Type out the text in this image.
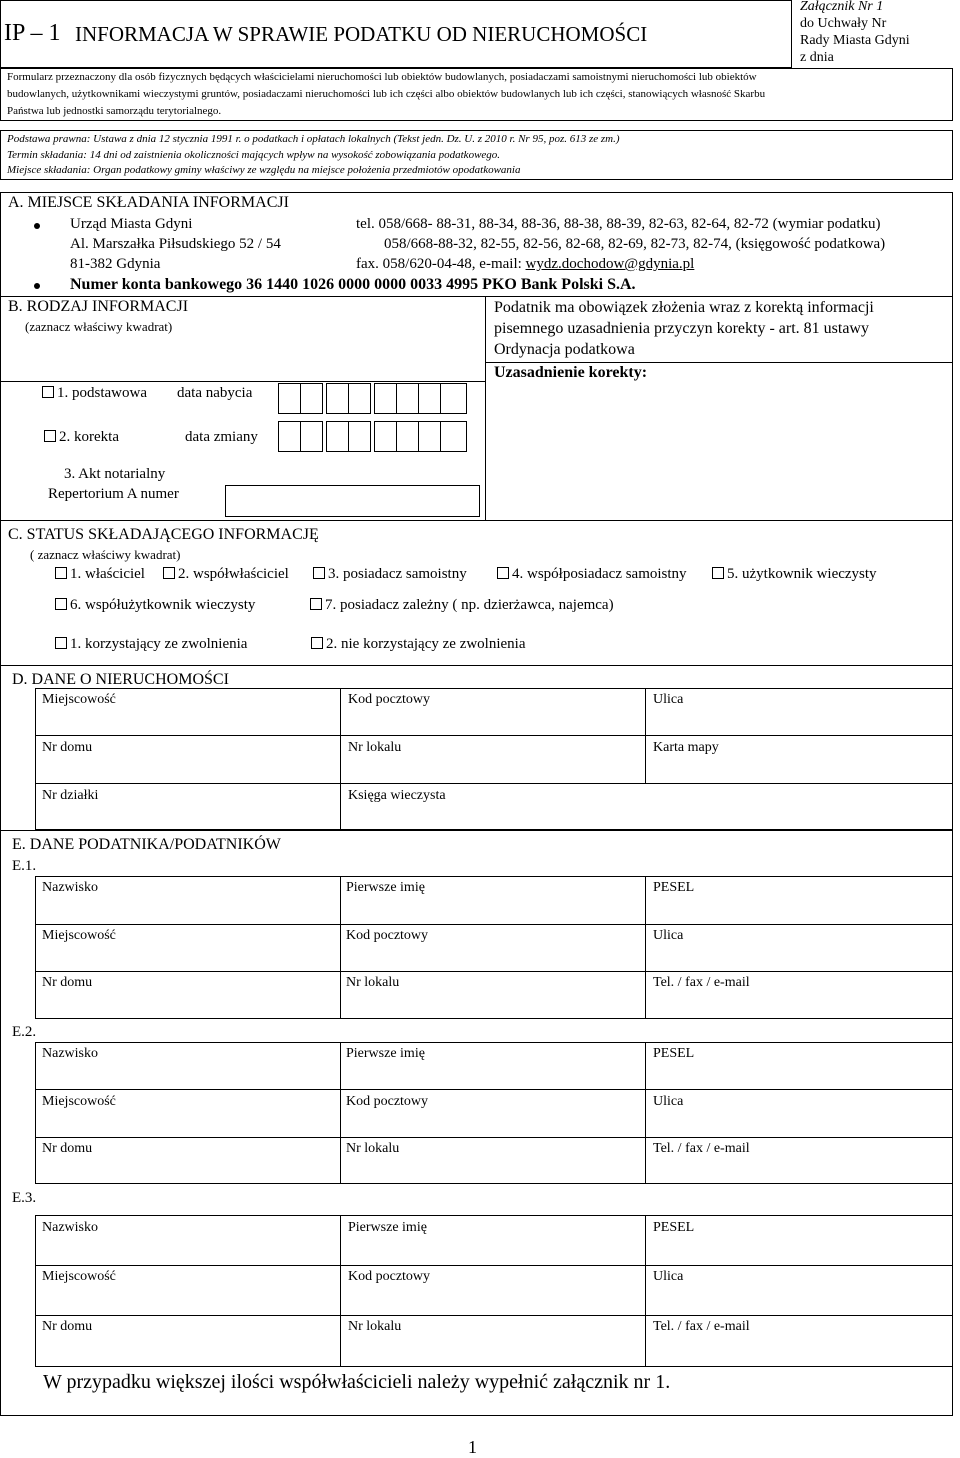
IP – 1 INFORMACJA W SPRAWIE PODATKU OD NIERUCHOMOŚCI
Załącznik Nr 1
do Uchwały Nr
Rady Miasta Gdyni
z dnia
Formularz przeznaczony dla osób fizycznych będących właścicielami nieruchomości lub obiektów budowlanych, posiadaczami samoistnymi nieruchomości lub obiektów
budowlanych, użytkownikami wieczystymi gruntów, posiadaczami nieruchomości lub ich części albo obiektów budowlanych lub ich części, stanowiących własność Skarbu
Państwa lub jednostki samorządu terytorialnego.
Podstawa prawna: Ustawa z dnia 12 stycznia 1991 r. o podatkach i opłatach lokalnych (Tekst jedn. Dz. U. z 2010 r. Nr 95, poz. 613 ze zm.)
Termin składania: 14 dni od zaistnienia okoliczności mających wpływ na wysokość zobowiązania podatkowego.
Miejsce składania: Organ podatkowy gminy właściwy ze względu na miejsce położenia przedmiotów opodatkowania
A. MIEJSCE SKŁADANIA INFORMACJI
Urząd Miasta Gdyni
Al. Marszałka Piłsudskiego 52 / 54
81-382 Gdynia
tel. 058/668- 88-31, 88-34, 88-36, 88-38, 88-39, 82-63, 82-64, 82-72 (wymiar podatku)
058/668-88-32, 82-55, 82-56, 82-68, 82-69, 82-73, 82-74, (księgowość podatkowa)
fax. 058/620-04-48, e-mail: wydz.dochodow@gdynia.pl
Numer konta bankowego 36 1440 1026 0000 0000 0033 4995 PKO Bank Polski S.A.
B. RODZAJ INFORMACJI
(zaznacz właściwy kwadrat)
1. podstawowa data nabycia
2. korekta	data zmiany
3. Akt notarialny
Repertorium A numer
Podatnik ma obowiązek złożenia wraz z korektą informacji
pisemnego uzasadnienia przyczyn korekty - art. 81 ustawy
Ordynacja podatkowa
Uzasadnienie korekty:
C. STATUS SKŁADAJĄCEGO INFORMACJĘ
( zaznacz właściwy kwadrat)
1. właściciel	2. współwłaściciel	3. posiadacz samoistny	4. współposiadacz samoistny	5. użytkownik wieczysty
6. współużytkownik wieczysty	7. posiadacz zależny ( np. dzierżawca, najemca)
1. korzystający ze zwolnienia	2. nie korzystający ze zwolnienia
D. DANE O NIERUCHOMOŚCI
Miejscowość	Kod pocztowy	Ulica
Nr domu	Nr lokalu	Karta mapy
Nr działki	Księga wieczysta
E. DANE PODATNIKA/PODATNIKÓW
E.1.
Nazwisko	Pierwsze imię	PESEL
Miejscowość	Kod pocztowy	Ulica
Nr domu	Nr lokalu	Tel. / fax / e-mail
E.2.
Nazwisko	Pierwsze imię	PESEL
Miejscowość	Kod pocztowy	Ulica
Nr domu	Nr lokalu	Tel. / fax / e-mail
E.3.
Nazwisko	Pierwsze imię	PESEL
Miejscowość	Kod pocztowy	Ulica
Nr domu	Nr lokalu	Tel. / fax / e-mail
W przypadku większej ilości współwłaścicieli należy wypełnić załącznik nr 1.
1
